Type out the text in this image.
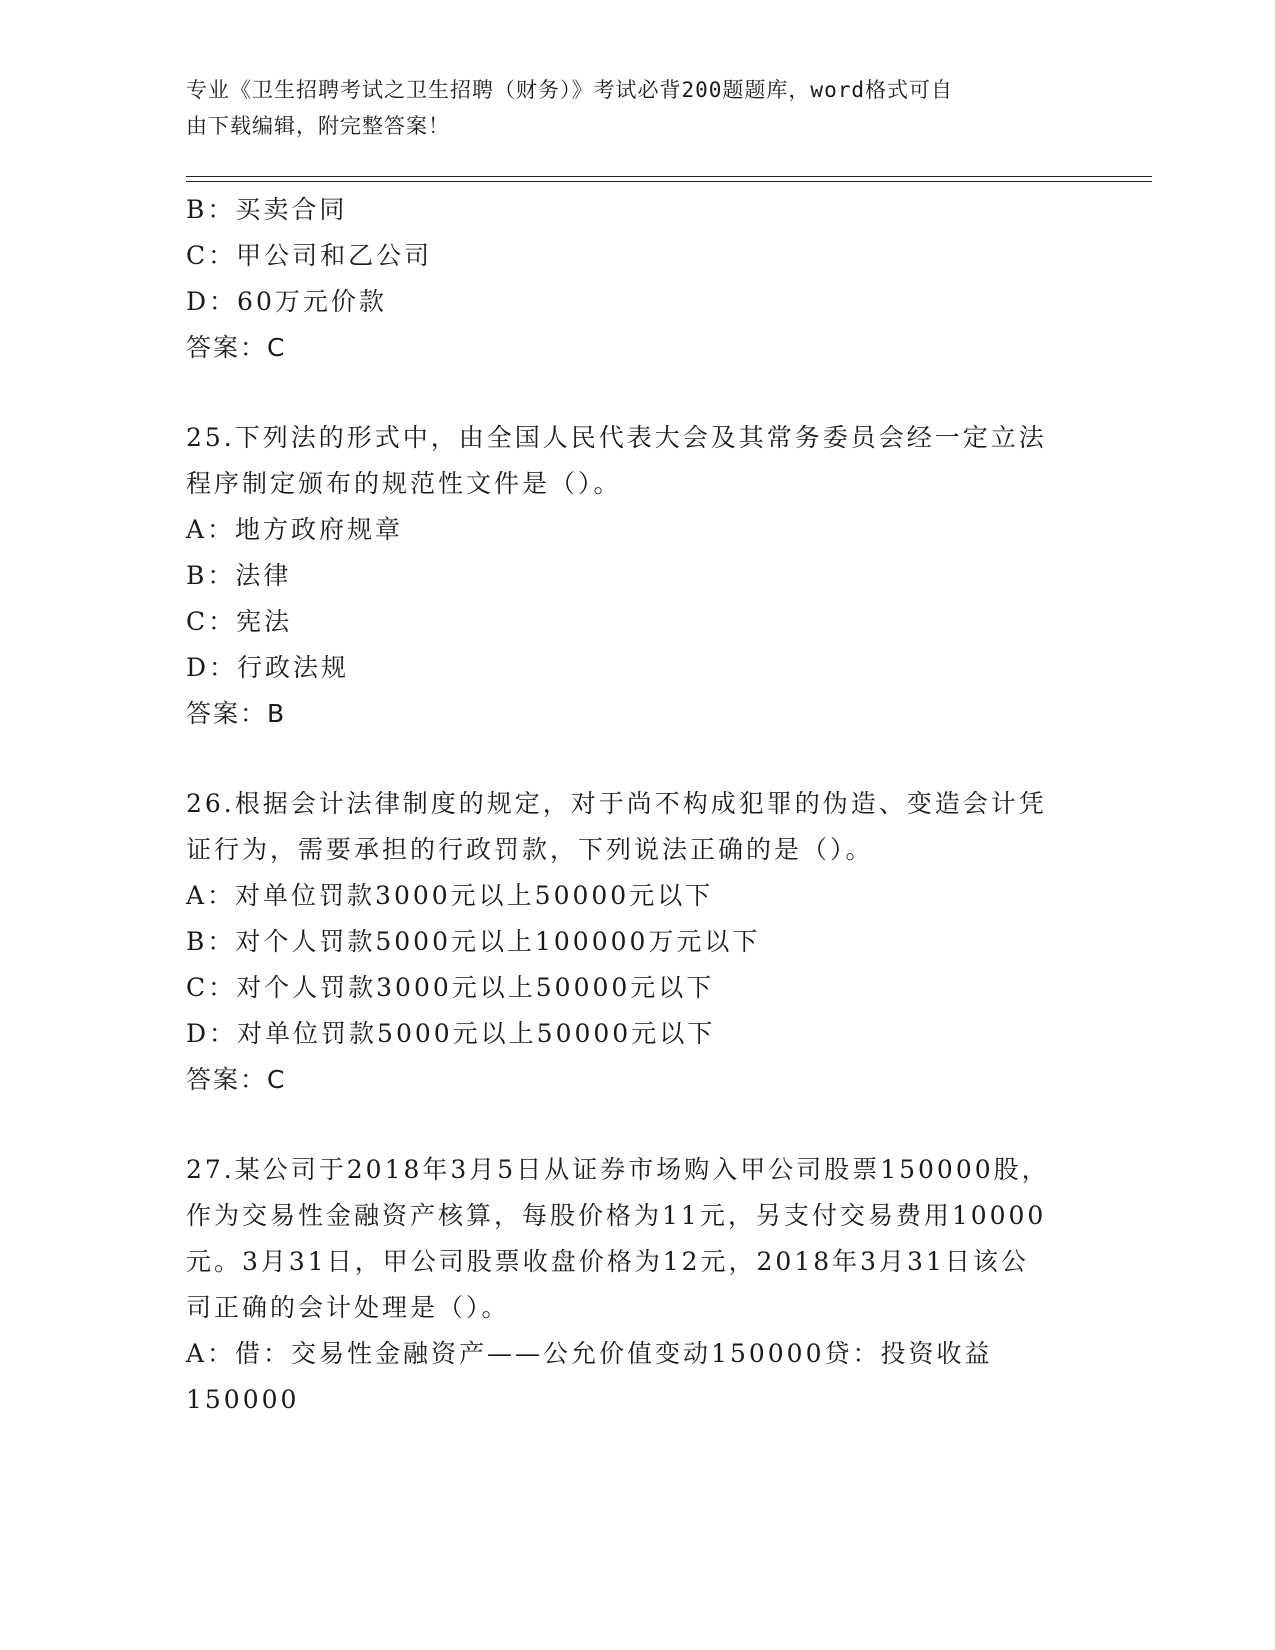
专业《卫生招聘考试之卫生招聘（财务）》考试必背200题题库，word格式可自
由下载编辑，附完整答案！
B：买卖合同
C：甲公司和乙公司
D：60万元价款
答案：C
25.下列法的形式中，由全国人民代表大会及其常务委员会经一定立法
程序制定颁布的规范性文件是（）。
A：地方政府规章
B：法律
C：宪法
D：行政法规
答案：B
26.根据会计法律制度的规定，对于尚不构成犯罪的伪造、变造会计凭
证行为，需要承担的行政罚款，下列说法正确的是（）。
A：对单位罚款3000元以上50000元以下
B：对个人罚款5000元以上100000万元以下
C：对个人罚款3000元以上50000元以下
D：对单位罚款5000元以上50000元以下
答案：C
27.某公司于2018年3月5日从证券市场购入甲公司股票150000股，
作为交易性金融资产核算，每股价格为11元，另支付交易费用10000
元。3月31日，甲公司股票收盘价格为12元，2018年3月31日该公
司正确的会计处理是（）。
A：借：交易性金融资产——公允价值变动150000贷：投资收益
150000
